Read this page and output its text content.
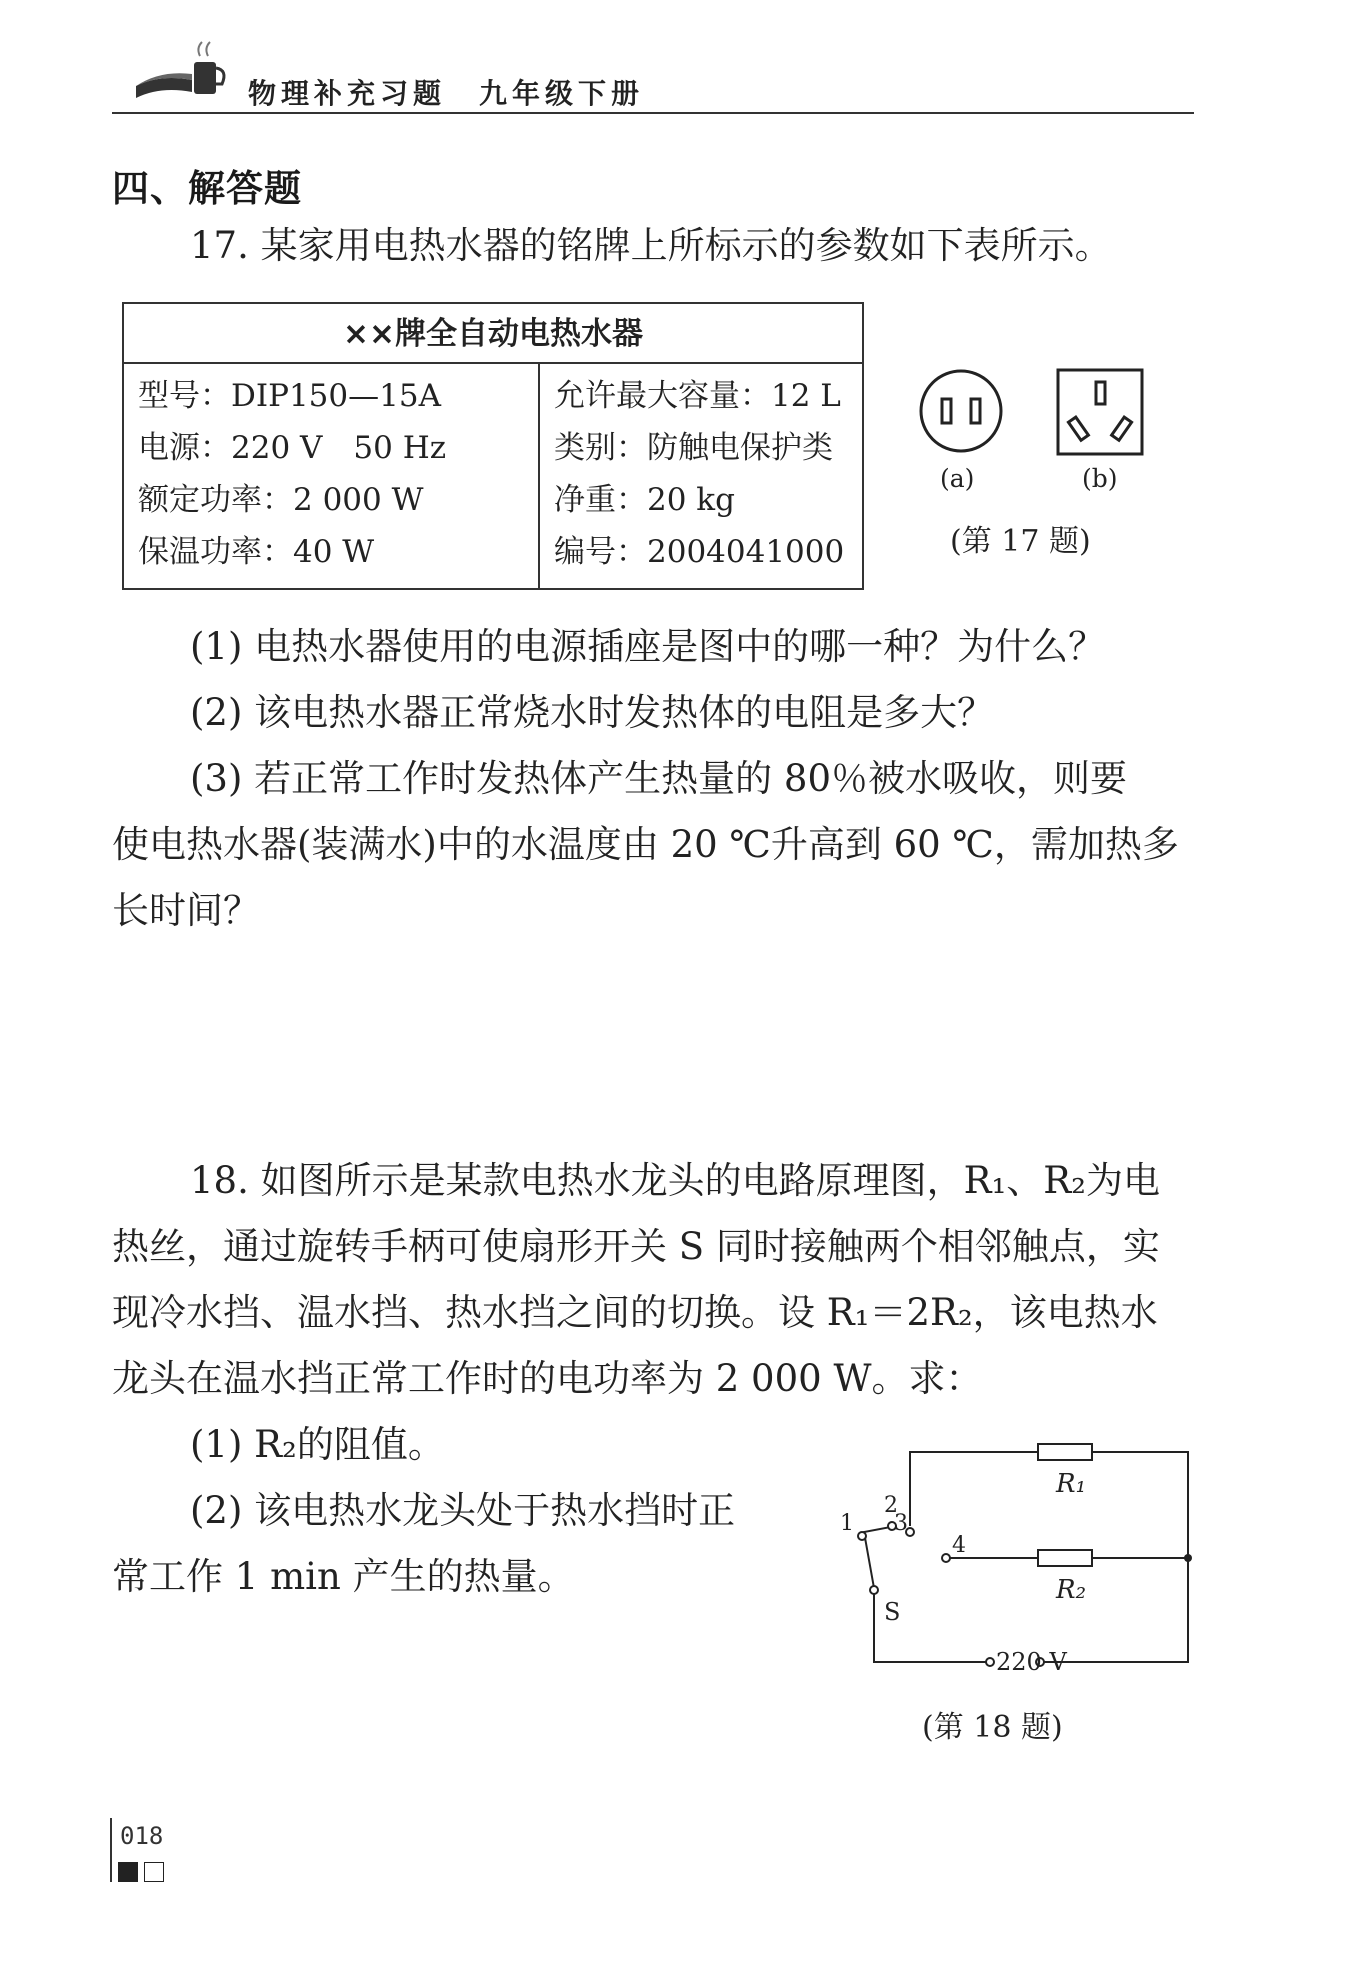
物理补充习题　九年级下册
四、解答题
17. 某家用电热水器的铭牌上所标示的参数如下表所示。
××牌全自动电热水器
型号：DIP150—15A
电源：220 V　50 Hz
额定功率：2 000 W
保温功率：40 W
允许最大容量：12 L
类别：防触电保护类
净重：20 kg
编号：2004041000
(a)	(b)
(第 17 题)
(1) 电热水器使用的电源插座是图中的哪一种？为什么？
(2) 该电热水器正常烧水时发热体的电阻是多大？
(3) 若正常工作时发热体产生热量的 80％被水吸收，则要
使电热水器(装满水)中的水温度由 20 ℃升高到 60 ℃，需加热多
长时间？
18. 如图所示是某款电热水龙头的电路原理图，R₁、R₂为电
热丝，通过旋转手柄可使扇形开关 S 同时接触两个相邻触点，实
现冷水挡、温水挡、热水挡之间的切换。设 R₁＝2R₂，该电热水
龙头在温水挡正常工作时的电功率为 2 000 W。求：
(1) R₂的阻值。
(2) 该电热水龙头处于热水挡时正
常工作 1 min 产生的热量。
R₁
R₂
1
2
3
4
S
220 V
(第 18 题)
018
